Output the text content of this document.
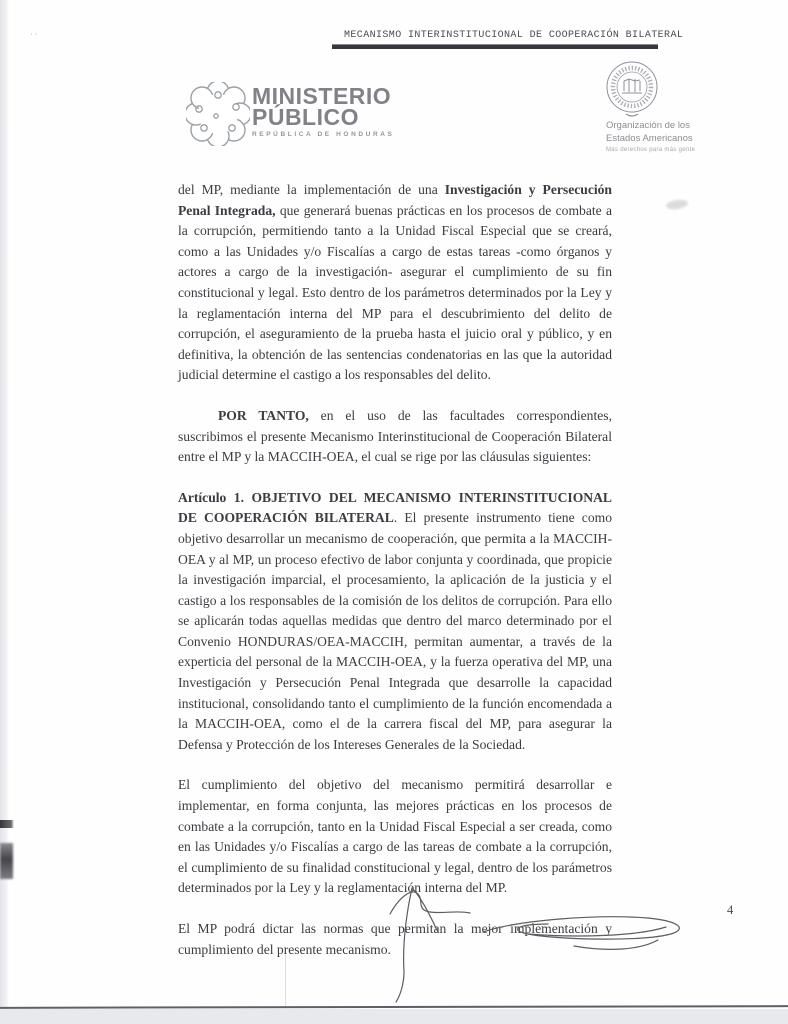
· ·	MECANISMO INTERINSTITUCIONAL DE COOPERACIÓN BILATERAL
MINISTERIO
PÚBLICO
REPÚBLICA DE HONDURAS
Organización de los
Estados Americanos
Más derechos para más gente

del MP, mediante la implementación de una Investigación y Persecución Penal Integrada, que generará buenas prácticas en los procesos de combate a la corrupción, permitiendo tanto a la Unidad Fiscal Especial que se creará, como a las Unidades y/o Fiscalías a cargo de estas tareas -como órganos y actores a cargo de la investigación- asegurar el cumplimiento de su fin constitucional y legal. Esto dentro de los parámetros determinados por la Ley y la reglamentación interna del MP para el descubrimiento del delito de corrupción, el aseguramiento de la prueba hasta el juicio oral y público, y en definitiva, la obtención de las sentencias condenatorias en las que la autoridad judicial determine el castigo a los responsables del delito.

POR TANTO, en el uso de las facultades correspondientes, suscribimos el presente Mecanismo Interinstitucional de Cooperación Bilateral entre el MP y la MACCIH-OEA, el cual se rige por las cláusulas siguientes:

Artículo 1. OBJETIVO DEL MECANISMO INTERINSTITUCIONAL DE COOPERACIÓN BILATERAL. El presente instrumento tiene como objetivo desarrollar un mecanismo de cooperación, que permita a la MACCIH-OEA y al MP, un proceso efectivo de labor conjunta y coordinada, que propicie la investigación imparcial, el procesamiento, la aplicación de la justicia y el castigo a los responsables de la comisión de los delitos de corrupción. Para ello se aplicarán todas aquellas medidas que dentro del marco determinado por el Convenio HONDURAS/OEA-MACCIH, permitan aumentar, a través de la experticia del personal de la MACCIH-OEA, y la fuerza operativa del MP, una Investigación y Persecución Penal Integrada que desarrolle la capacidad institucional, consolidando tanto el cumplimiento de la función encomendada a la MACCIH-OEA, como el de la carrera fiscal del MP, para asegurar la Defensa y Protección de los Intereses Generales de la Sociedad.

El cumplimiento del objetivo del mecanismo permitirá desarrollar e implementar, en forma conjunta, las mejores prácticas en los procesos de combate a la corrupción, tanto en la Unidad Fiscal Especial a ser creada, como en las Unidades y/o Fiscalías a cargo de las tareas de combate a la corrupción, el cumplimiento de su finalidad constitucional y legal, dentro de los parámetros determinados por la Ley y la reglamentación interna del MP.

El MP podrá dictar las normas que permitan la mejor implementación y cumplimiento del presente mecanismo.

4
